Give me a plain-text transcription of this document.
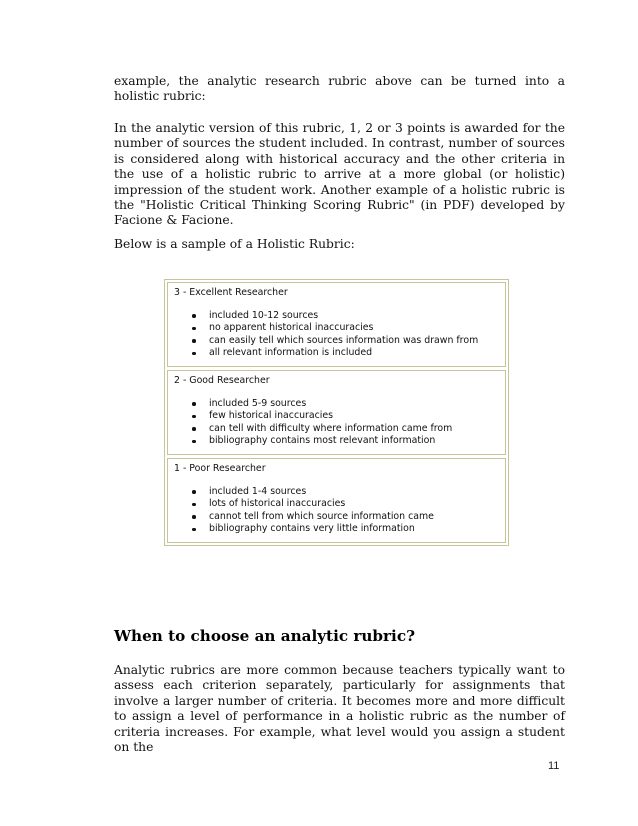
example, the analytic research rubric above can be turned into a holistic rubric:

In the analytic version of this rubric, 1, 2 or 3 points is awarded for the number of sources the student included. In contrast, number of sources is considered along with historical accuracy and the other criteria in the use of a holistic rubric to arrive at a more global (or holistic) impression of the student work. Another example of a holistic rubric is the "Holistic Critical Thinking Scoring Rubric" (in PDF) developed by Facione & Facione.

Below is a sample of a Holistic Rubric:

3 - Excellent Researcher

included 10-12 sources
no apparent historical inaccuracies
can easily tell which sources information was drawn from
all relevant information is included

2 - Good Researcher

included 5-9 sources
few historical inaccuracies
can tell with difficulty where information came from
bibliography contains most relevant information

1 - Poor Researcher

included 1-4 sources
lots of historical inaccuracies
cannot tell from which source information came
bibliography contains very little information
When to choose an analytic rubric?

Analytic rubrics are more common because teachers typically want to assess each criterion separately, particularly for assignments that involve a larger number of criteria. It becomes more and more difficult to assign a level of performance in a holistic rubric as the number of criteria increases. For example, what level would you assign a student on the

11
